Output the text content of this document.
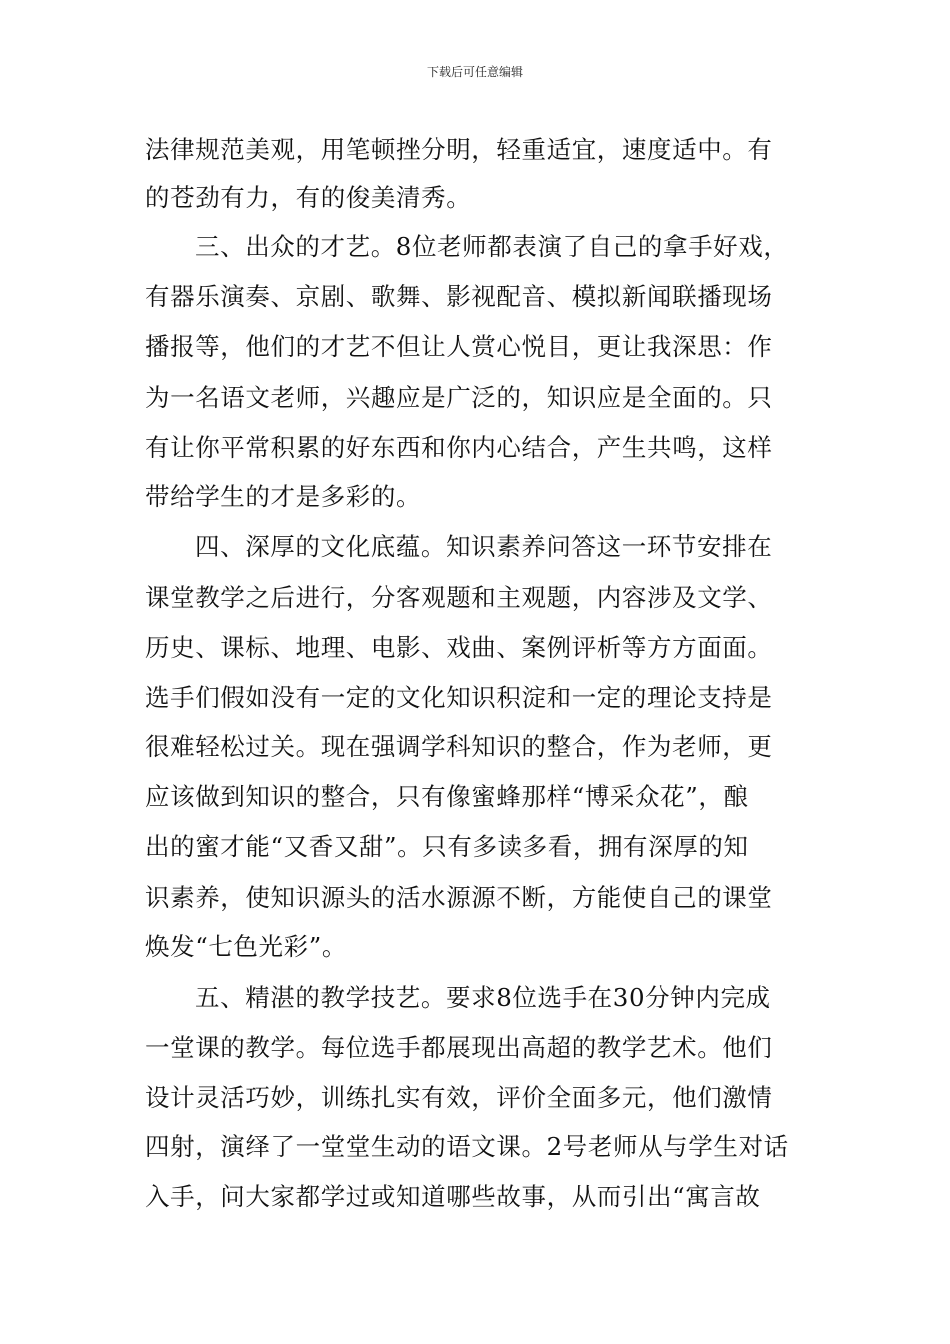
下载后可任意编辑
法律规范美观，用笔顿挫分明，轻重适宜，速度适中。有
的苍劲有力，有的俊美清秀。
三、出众的才艺。8位老师都表演了自己的拿手好戏，
有器乐演奏、京剧、歌舞、影视配音、模拟新闻联播现场
播报等，他们的才艺不但让人赏心悦目，更让我深思：作
为一名语文老师，兴趣应是广泛的，知识应是全面的。只
有让你平常积累的好东西和你内心结合，产生共鸣，这样
带给学生的才是多彩的。
四、深厚的文化底蕴。知识素养问答这一环节安排在
课堂教学之后进行，分客观题和主观题，内容涉及文学、
历史、课标、地理、电影、戏曲、案例评析等方方面面。
选手们假如没有一定的文化知识积淀和一定的理论支持是
很难轻松过关。现在强调学科知识的整合，作为老师，更
应该做到知识的整合，只有像蜜蜂那样“博采众花”，酿
出的蜜才能“又香又甜”。只有多读多看，拥有深厚的知
识素养，使知识源头的活水源源不断，方能使自己的课堂
焕发“七色光彩”。
五、精湛的教学技艺。要求8位选手在30分钟内完成
一堂课的教学。每位选手都展现出高超的教学艺术。他们
设计灵活巧妙，训练扎实有效，评价全面多元，他们激情
四射，演绎了一堂堂生动的语文课。2号老师从与学生对话
入手，问大家都学过或知道哪些故事，从而引出“寓言故
